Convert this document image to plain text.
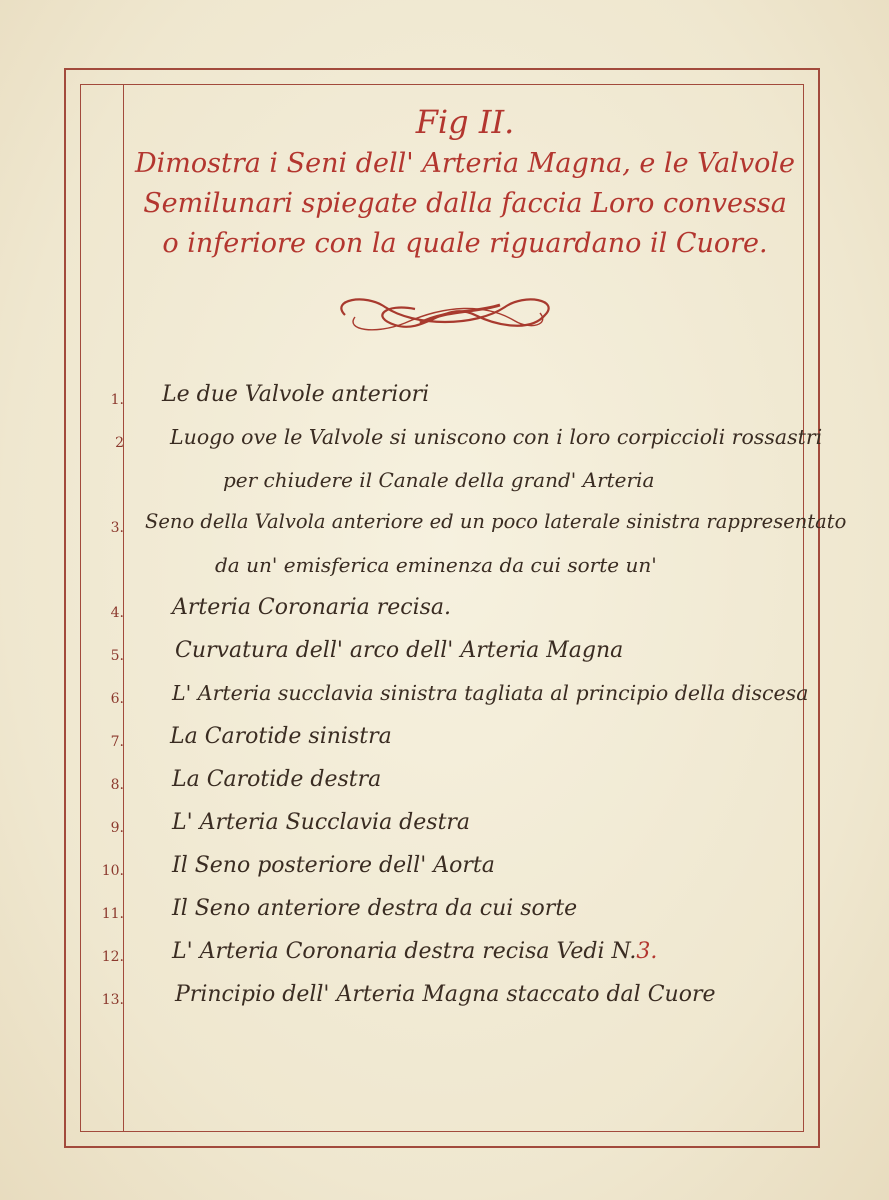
Fig II.
Dimostra i Seni dell' Arteria Magna, e le Valvole
Semilunari spiegate dalla faccia Loro convessa
o inferiore con la quale riguardano il Cuore.
1. Le due Valvole anteriori
2 Luogo ove le Valvole si uniscono con i loro corpiccioli rossastri
per chiudere il Canale della grand' Arteria
3. Seno della Valvola anteriore ed un poco laterale sinistra rappresentato
da un' emisferica eminenza da cui sorte un'
4. Arteria Coronaria recisa.
5. Curvatura dell' arco dell' Arteria Magna
6. L' Arteria succlavia sinistra tagliata al principio della discesa
7. La Carotide sinistra
8. La Carotide destra
9. L' Arteria Succlavia destra
10. Il Seno posteriore dell' Aorta
11. Il Seno anteriore destra da cui sorte
12. L' Arteria Coronaria destra recisa Vedi N.3.
13. Principio dell' Arteria Magna staccato dal Cuore
